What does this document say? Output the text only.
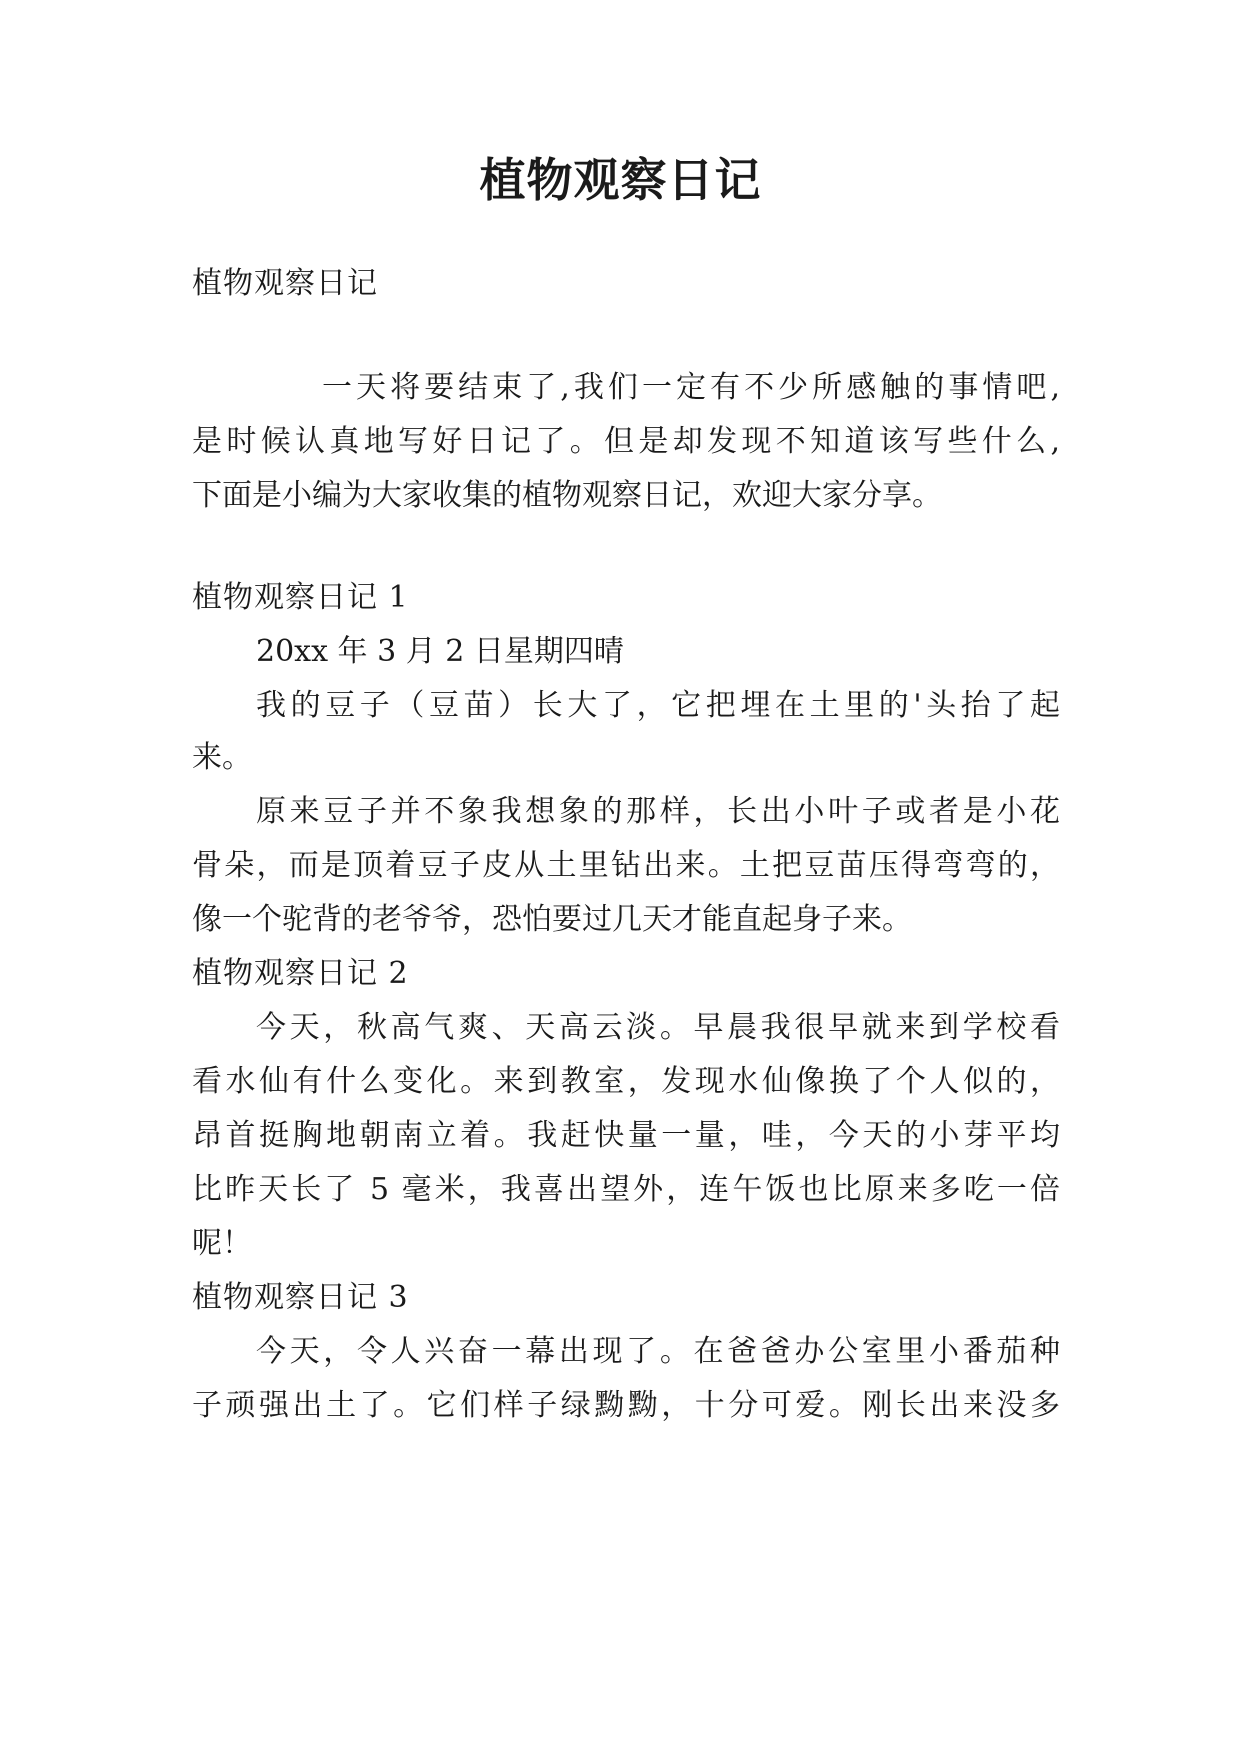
植物观察日记

植物观察日记

一天将要结束了,我们一定有不少所感触的事情吧,

是时候认真地写好日记了。但是却发现不知道该写些什么,

下面是小编为大家收集的植物观察日记，欢迎大家分享。

植物观察日记 1

20xx 年 3 月 2 日星期四晴

我的豆子（豆苗）长大了，它把埋在土里的'头抬了起

来。

原来豆子并不象我想象的那样，长出小叶子或者是小花

骨朵，而是顶着豆子皮从土里钻出来。土把豆苗压得弯弯的，

像一个驼背的老爷爷，恐怕要过几天才能直起身子来。

植物观察日记 2

今天，秋高气爽、天高云淡。早晨我很早就来到学校看

看水仙有什么变化。来到教室，发现水仙像换了个人似的，

昂首挺胸地朝南立着。我赶快量一量，哇，今天的小芽平均

比昨天长了 5 毫米，我喜出望外，连午饭也比原来多吃一倍

呢！

植物观察日记 3

今天，令人兴奋一幕出现了。在爸爸办公室里小番茄种

子顽强出土了。它们样子绿黝黝，十分可爱。刚长出来没多
